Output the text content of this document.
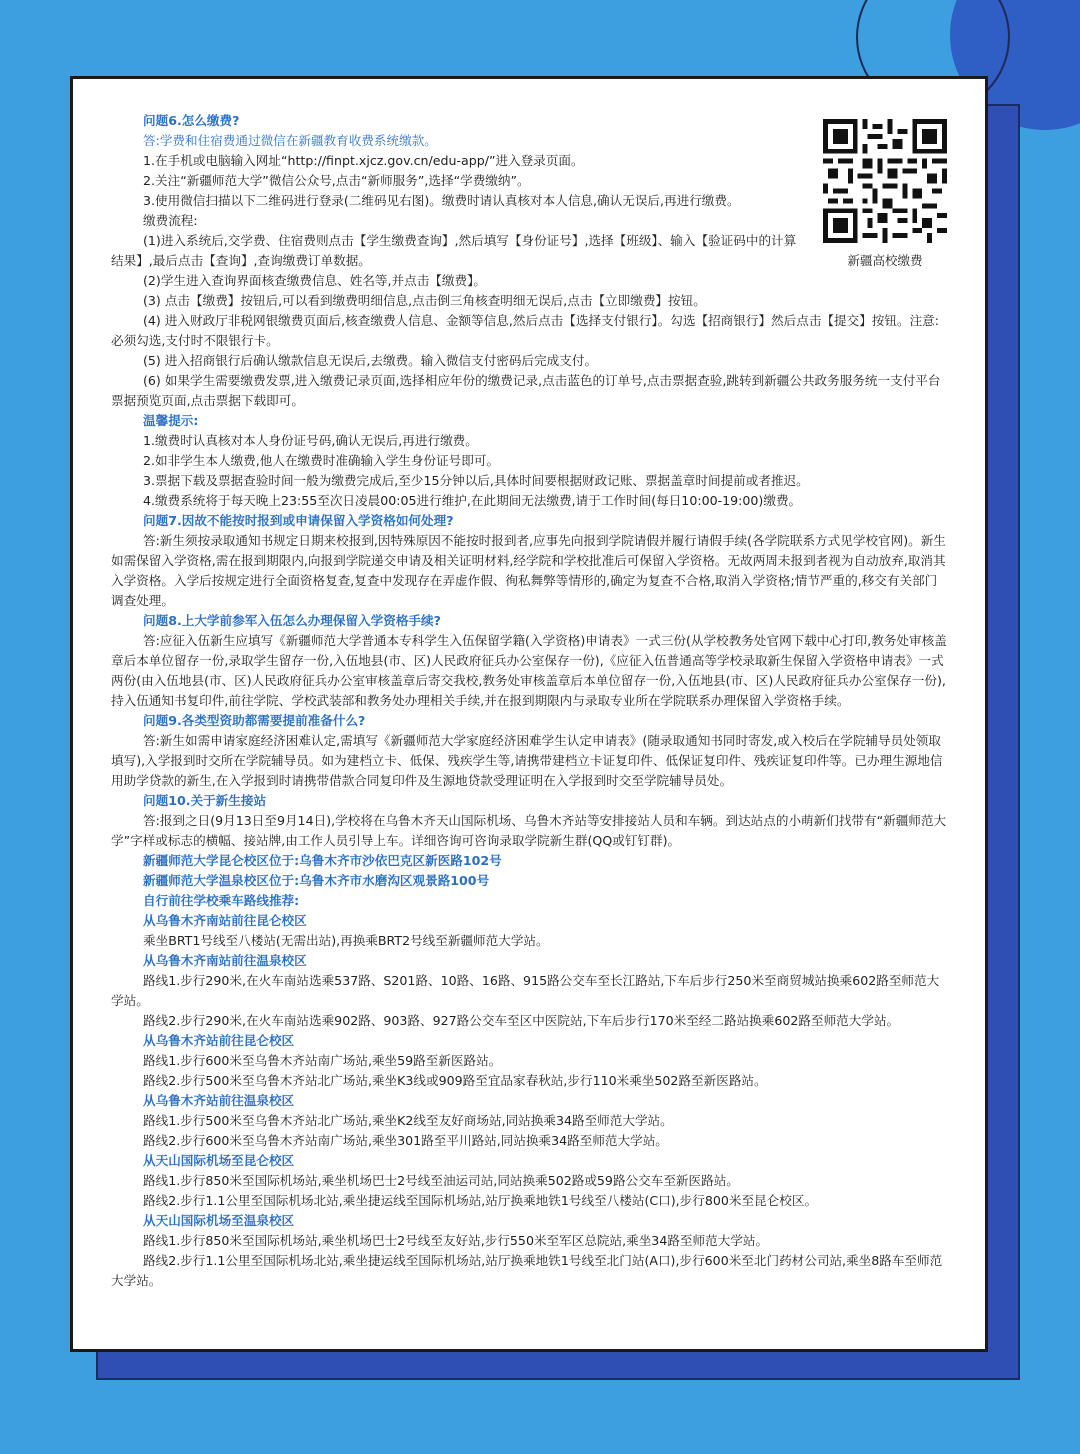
新疆高校缴费

问题6.怎么缴费?

答:学费和住宿费通过微信在新疆教育收费系统缴款。

1.在手机或电脑输入网址“http://finpt.xjcz.gov.cn/edu-app/”进入登录页面。

2.关注“新疆师范大学”微信公众号,点击“新师服务”,选择“学费缴纳”。

3.使用微信扫描以下二维码进行登录(二维码见右图)。缴费时请认真核对本人信息,确认无误后,再进行缴费。

缴费流程:

(1)进入系统后,交学费、住宿费则点击【学生缴费查询】,然后填写【身份证号】,选择【班级】、输入【验证码中的计算结果】,最后点击【查询】,查询缴费订单数据。

(2)学生进入查询界面核查缴费信息、姓名等,并点击【缴费】。

(3) 点击【缴费】按钮后,可以看到缴费明细信息,点击倒三角核查明细无误后,点击【立即缴费】按钮。

(4) 进入财政厅非税网银缴费页面后,核查缴费人信息、金额等信息,然后点击【选择支付银行】。勾选【招商银行】然后点击【提交】按钮。注意:必须勾选,支付时不限银行卡。

(5) 进入招商银行后确认缴款信息无误后,去缴费。输入微信支付密码后完成支付。

(6) 如果学生需要缴费发票,进入缴费记录页面,选择相应年份的缴费记录,点击蓝色的订单号,点击票据查验,跳转到新疆公共政务服务统一支付平台票据预览页面,点击票据下载即可。

温馨提示:

1.缴费时认真核对本人身份证号码,确认无误后,再进行缴费。

2.如非学生本人缴费,他人在缴费时准确输入学生身份证号即可。

3.票据下载及票据查验时间一般为缴费完成后,至少15分钟以后,具体时间要根据财政记账、票据盖章时间提前或者推迟。

4.缴费系统将于每天晚上23:55至次日凌晨00:05进行维护,在此期间无法缴费,请于工作时间(每日10:00-19:00)缴费。

问题7.因故不能按时报到或申请保留入学资格如何处理?

答:新生须按录取通知书规定日期来校报到,因特殊原因不能按时报到者,应事先向报到学院请假并履行请假手续(各学院联系方式见学校官网)。新生如需保留入学资格,需在报到期限内,向报到学院递交申请及相关证明材料,经学院和学校批准后可保留入学资格。无故两周未报到者视为自动放弃,取消其入学资格。入学后按规定进行全面资格复查,复查中发现存在弄虚作假、徇私舞弊等情形的,确定为复查不合格,取消入学资格;情节严重的,移交有关部门调查处理。

问题8.上大学前参军入伍怎么办理保留入学资格手续?

答:应征入伍新生应填写《新疆师范大学普通本专科学生入伍保留学籍(入学资格)申请表》一式三份(从学校教务处官网下载中心打印,教务处审核盖章后本单位留存一份,录取学生留存一份,入伍地县(市、区)人民政府征兵办公室保存一份),《应征入伍普通高等学校录取新生保留入学资格申请表》一式两份(由入伍地县(市、区)人民政府征兵办公室审核盖章后寄交我校,教务处审核盖章后本单位留存一份,入伍地县(市、区)人民政府征兵办公室保存一份),持入伍通知书复印件,前往学院、学校武装部和教务处办理相关手续,并在报到期限内与录取专业所在学院联系办理保留入学资格手续。

问题9.各类型资助都需要提前准备什么?

答:新生如需申请家庭经济困难认定,需填写《新疆师范大学家庭经济困难学生认定申请表》(随录取通知书同时寄发,或入校后在学院辅导员处领取填写),入学报到时交所在学院辅导员。如为建档立卡、低保、残疾学生等,请携带建档立卡证复印件、低保证复印件、残疾证复印件等。已办理生源地信用助学贷款的新生,在入学报到时请携带借款合同复印件及生源地贷款受理证明在入学报到时交至学院辅导员处。

问题10.关于新生接站

答:报到之日(9月13日至9月14日),学校将在乌鲁木齐天山国际机场、乌鲁木齐站等安排接站人员和车辆。到达站点的小萌新们找带有“新疆师范大学”字样或标志的横幅、接站牌,由工作人员引导上车。详细咨询可咨询录取学院新生群(QQ或钉钉群)。

新疆师范大学昆仑校区位于:乌鲁木齐市沙依巴克区新医路102号

新疆师范大学温泉校区位于:乌鲁木齐市水磨沟区观景路100号

自行前往学校乘车路线推荐:

从乌鲁木齐南站前往昆仑校区

乘坐BRT1号线至八楼站(无需出站),再换乘BRT2号线至新疆师范大学站。

从乌鲁木齐南站前往温泉校区

路线1.步行290米,在火车南站选乘537路、S201路、10路、16路、915路公交车至长江路站,下车后步行250米至商贸城站换乘602路至师范大学站。

路线2.步行290米,在火车南站选乘902路、903路、927路公交车至区中医院站,下车后步行170米至经二路站换乘602路至师范大学站。

从乌鲁木齐站前往昆仑校区

路线1.步行600米至乌鲁木齐站南广场站,乘坐59路至新医路站。

路线2.步行500米至乌鲁木齐站北广场站,乘坐K3线或909路至宜品家春秋站,步行110米乘坐502路至新医路站。

从乌鲁木齐站前往温泉校区

路线1.步行500米至乌鲁木齐站北广场站,乘坐K2线至友好商场站,同站换乘34路至师范大学站。

路线2.步行600米至乌鲁木齐站南广场站,乘坐301路至平川路站,同站换乘34路至师范大学站。

从天山国际机场至昆仑校区

路线1.步行850米至国际机场站,乘坐机场巴士2号线至油运司站,同站换乘502路或59路公交车至新医路站。

路线2.步行1.1公里至国际机场北站,乘坐捷运线至国际机场站,站厅换乘地铁1号线至八楼站(C口),步行800米至昆仑校区。

从天山国际机场至温泉校区

路线1.步行850米至国际机场站,乘坐机场巴士2号线至友好站,步行550米至军区总院站,乘坐34路至师范大学站。

路线2.步行1.1公里至国际机场北站,乘坐捷运线至国际机场站,站厅换乘地铁1号线至北门站(A口),步行600米至北门药材公司站,乘坐8路车至师范大学站。
